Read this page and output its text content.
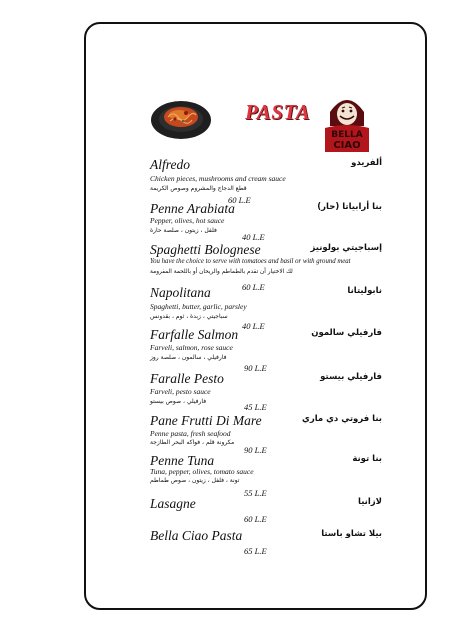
PASTA
BELLA
CIAO
Alfredo	ألفريدو
Chicken pieces, mushrooms and cream sauce
قطع الدجاج والمشروم وصوص الكريمة
60 L.E
Penne Arabiata	بنا أرابياتا (حار)
Pepper, olives, hot sauce
فلفل ، زيتون ، صلصة حارة
40 L.E
Spaghetti Bolognese	إسباجيتي بولونيز
You have the choice to serve with tomatoes and basil or with ground meat
لك الاختيار أن تقدم بالطماطم والريحان أو باللحمة المفرومة
60 L.E
Napolitana	نابوليتانا
Spaghetti, butter, garlic, parsley
سباجيتي ، زبدة ، ثوم ، بقدونس
40 L.E
Farfalle Salmon	فارفيلي سالمون
Farveli, salmon, rose sauce
فارفيلي ، سالمون ، صلصة روز
90 L.E
Faralle Pesto	فارفيلي بيستو
Farveli, pesto sauce
فارفيلي ، صوص بيستو
45 L.E
Pane Frutti Di Mare	بنا فروتي دي ماري
Penne pasta, fresh seafood
مكرونة قلم ، فواكه البحر الطازجة
90 L.E
Penne Tuna	بنا تونة
Tuna, pepper, olives, tomato sauce
تونة ، فلفل ، زيتون ، صوص طماطم
55 L.E
Lasagne	لازانيا
60 L.E
Bella Ciao Pasta	بيلا تشاو باستا
65 L.E
